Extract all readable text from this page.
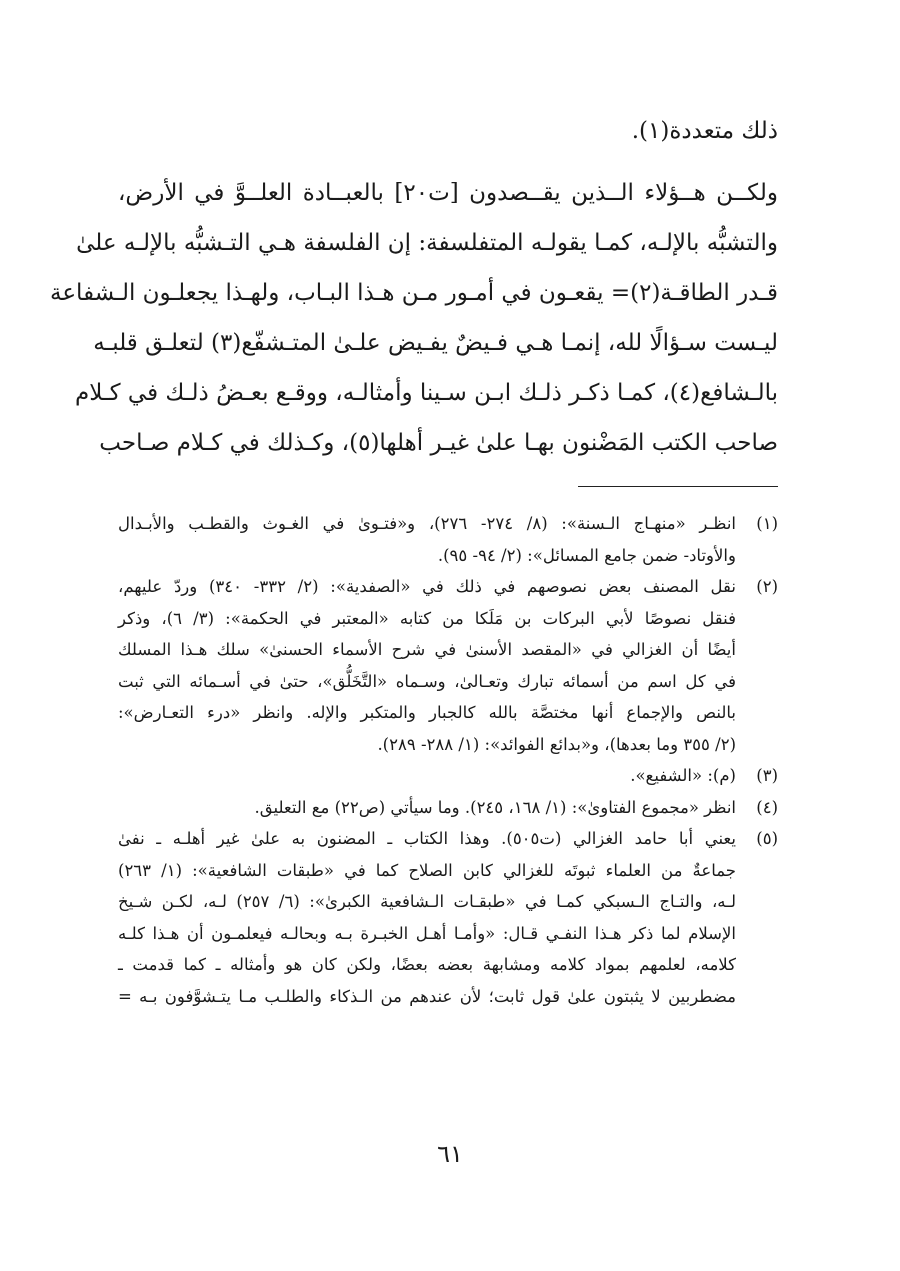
ذلك متعددة(١).

ولكــن هــؤلاء الــذين يقــصدون [ت٢٠] بالعبــادة العلــوَّ في الأرض،
والتشبُّه بالإلـه، كمـا يقولـه المتفلسفة: إن الفلسفة هـي التـشبُّه بالإلـه علىٰ
قـدر الطاقـة(٢)= يقعـون في أمـور مـن هـذا البـاب، ولهـذا يجعلـون الـشفاعة
ليـست سـؤالًا لله، إنمـا هـي فـيضٌ يفـيض علـىٰ المتـشفّع(٣) لتعلـق قلبـه
بالـشافع(٤)، كمـا ذكـر ذلـك ابـن سـينا وأمثالـه، ووقـع بعـضُ ذلـك في كـلام
صاحب الكتب المَضْنون بهـا علىٰ غيـر أهلها(٥)، وكـذلك في كـلام صـاحب

(١)
انظـر «منهـاج الـسنة»: (٨/ ٢٧٤- ٢٧٦)، و«فتـوىٰ في الغـوث والقطـب والأبـدال
والأوتاد- ضمن جامع المسائل»: (٢/ ٩٤- ٩٥).
(٢)
نقل المصنف بعض نصوصهم في ذلك في «الصفدية»: (٢/ ٣٣٢- ٣٤٠) وردّ عليهم،
فنقل نصوصًا لأبي البركات بن مَلَكا من كتابه «المعتبر في الحكمة»: (٣/ ٦)، وذكر
أيضًا أن الغزالي في «المقصد الأسنىٰ في شرح الأسماء الحسنىٰ» سلك هـذا المسلك
في كل اسم من أسمائه تبارك وتعـالىٰ، وسـماه «التَّخَلُّق»، حتىٰ في أسـمائه التي ثبت
بالنص والإجماع أنها مختصَّة بالله كالجبار والمتكبر والإله. وانظر «درء التعـارض»:
(٢/ ٣٥٥ وما بعدها)، و«بدائع الفوائد»: (١/ ٢٨٨- ٢٨٩).
(٣)
(م): «الشفيع».
(٤)
انظر «مجموع الفتاوىٰ»: (١/ ١٦٨، ٢٤٥). وما سيأتي (ص٢٢) مع التعليق.
(٥)
يعني أبا حامد الغزالي (ت٥٠٥). وهذا الكتاب ـ المضنون به علىٰ غير أهلـه ـ نفىٰ
جماعةٌ من العلماء ثبوتَه للغزالي كابن الصلاح كما في «طبقات الشافعية»: (١/ ٢٦٣)
لـه، والتـاج الـسبكي كمـا في «طبقـات الـشافعية الكبرىٰ»: (٦/ ٢٥٧) لـه، لكـن شـيخ
الإسلام لما ذكر هـذا النفـي قـال: «وأمـا أهـل الخبـرة بـه وبحالـه فيعلمـون أن هـذا كلـه
كلامه، لعلمهم بمواد كلامه ومشابهة بعضه بعضًا، ولكن كان هو وأمثاله ـ كما قدمت ـ
مضطربين لا يثبتون علىٰ قول ثابت؛ لأن عندهم من الـذكاء والطلـب مـا يتـشوَّفون بـه =
٦١
